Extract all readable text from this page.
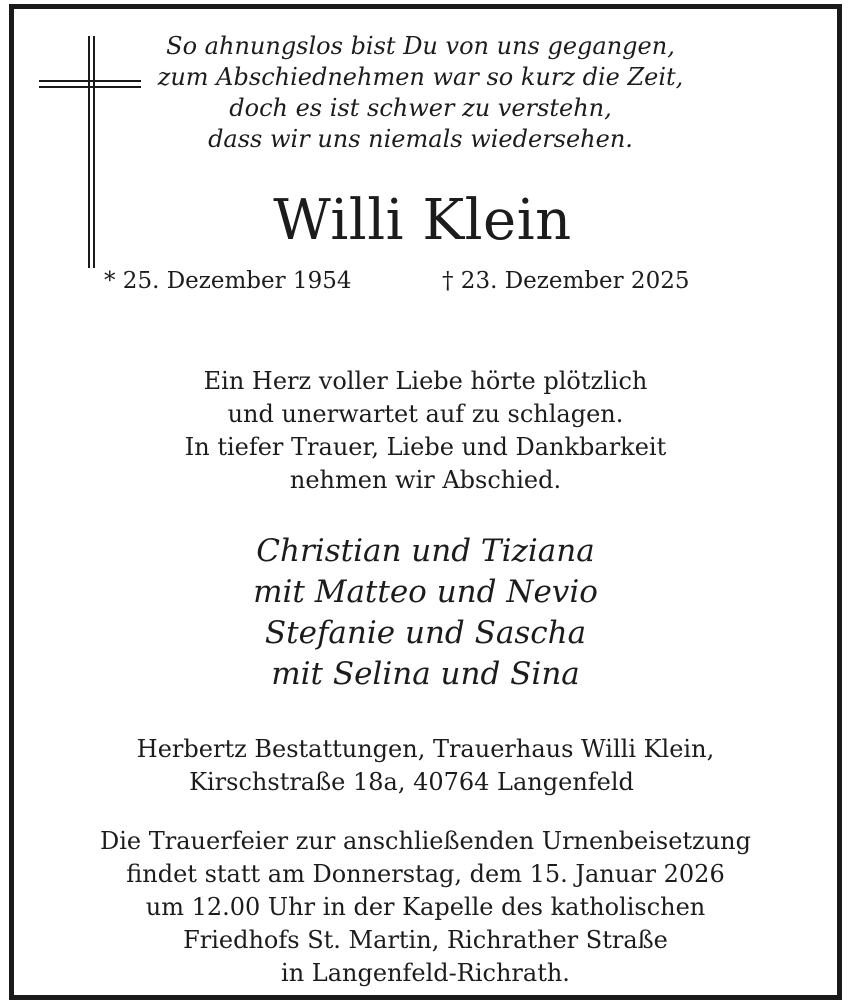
So ahnungslos bist Du von uns gegangen,
zum Abschiednehmen war so kurz die Zeit,
doch es ist schwer zu verstehn,
dass wir uns niemals wiedersehen.
Willi Klein
* 25. Dezember 1954	† 23. Dezember 2025
Ein Herz voller Liebe hörte plötzlich
und unerwartet auf zu schlagen.
In tiefer Trauer, Liebe und Dankbarkeit
nehmen wir Abschied.
Christian und Tiziana
mit Matteo und Nevio
Stefanie und Sascha
mit Selina und Sina
Herbertz Bestattungen, Trauerhaus Willi Klein,
Kirschstraße 18a, 40764 Langenfeld
Die Trauerfeier zur anschließenden Urnenbeisetzung
findet statt am Donnerstag, dem 15. Januar 2026
um 12.00 Uhr in der Kapelle des katholischen
Friedhofs St. Martin, Richrather Straße
in Langenfeld-Richrath.
